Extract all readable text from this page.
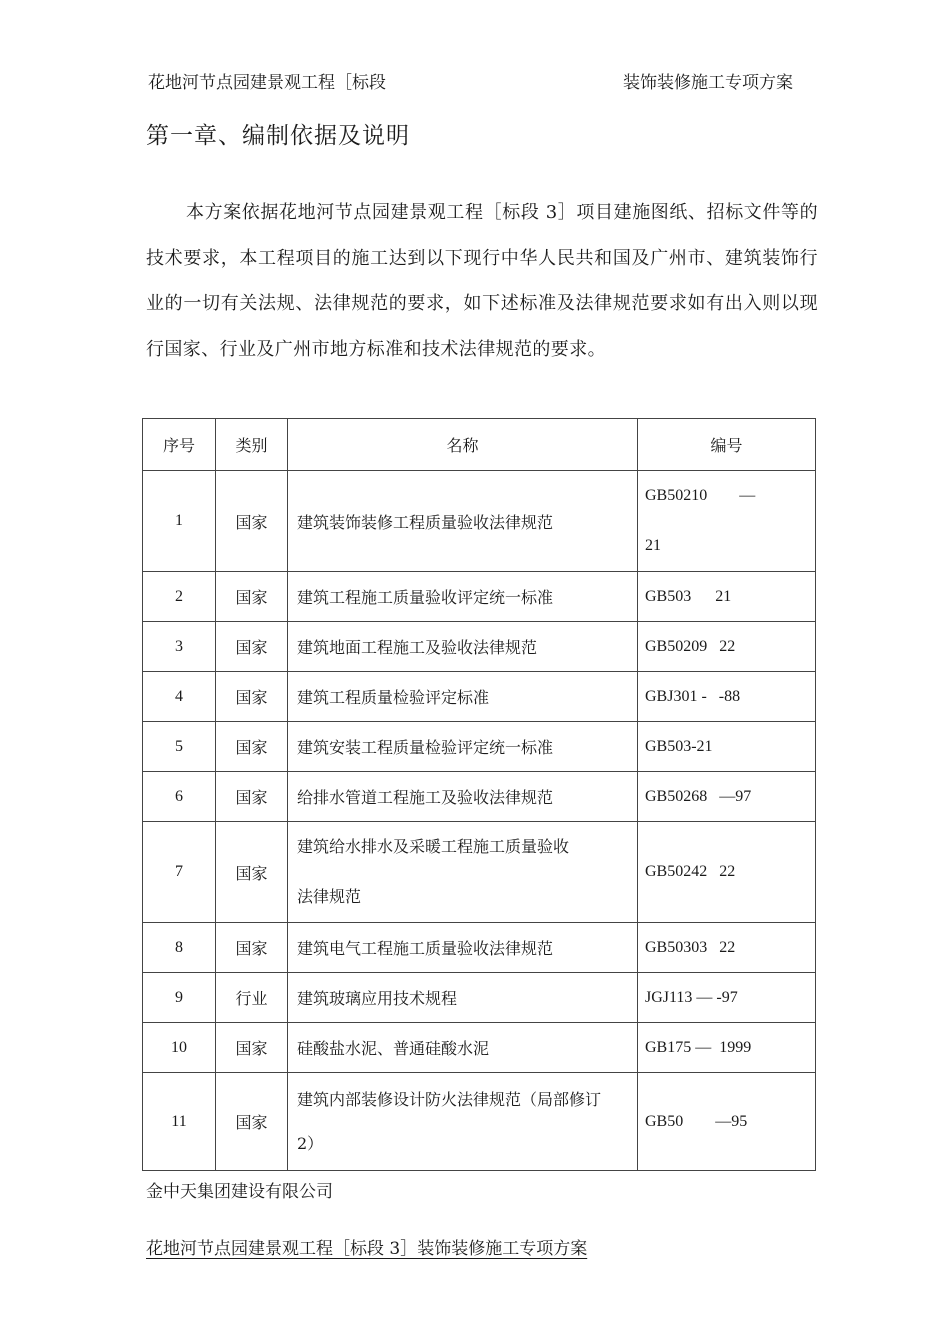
花地河节点园建景观工程［标段	装饰装修施工专项方案
第一章、编制依据及说明
本方案依据花地河节点园建景观工程［标段 3］项目建施图纸、招标文件等的技术要求，本工程项目的施工达到以下现行中华人民共和国及广州市、建筑装饰行业的一切有关法规、法律规范的要求，如下述标准及法律规范要求如有出入则以现行国家、行业及广州市地方标准和技术法律规范的要求。
序号	类别	名称	编号
1	国家	建筑装饰装修工程质量验收法律规范	GB50210        —
21
2	国家	建筑工程施工质量验收评定统一标准	GB503      21
3	国家	建筑地面工程施工及验收法律规范	GB50209   22
4	国家	建筑工程质量检验评定标准	GBJ301 -   -88
5	国家	建筑安装工程质量检验评定统一标准	GB503-21
6	国家	给排水管道工程施工及验收法律规范	GB50268   —97
7	国家	建筑给水排水及采暖工程施工质量验收
法律规范	GB50242   22
8	国家	建筑电气工程施工质量验收法律规范	GB50303   22
9	行业	建筑玻璃应用技术规程	JGJ113 — -97
10	国家	硅酸盐水泥、普通硅酸水泥	GB175 —  1999
11	国家	建筑内部装修设计防火法律规范（局部修订

2）	GB50        —95
金中天集团建设有限公司
花地河节点园建景观工程［标段 3］装饰装修施工专项方案
